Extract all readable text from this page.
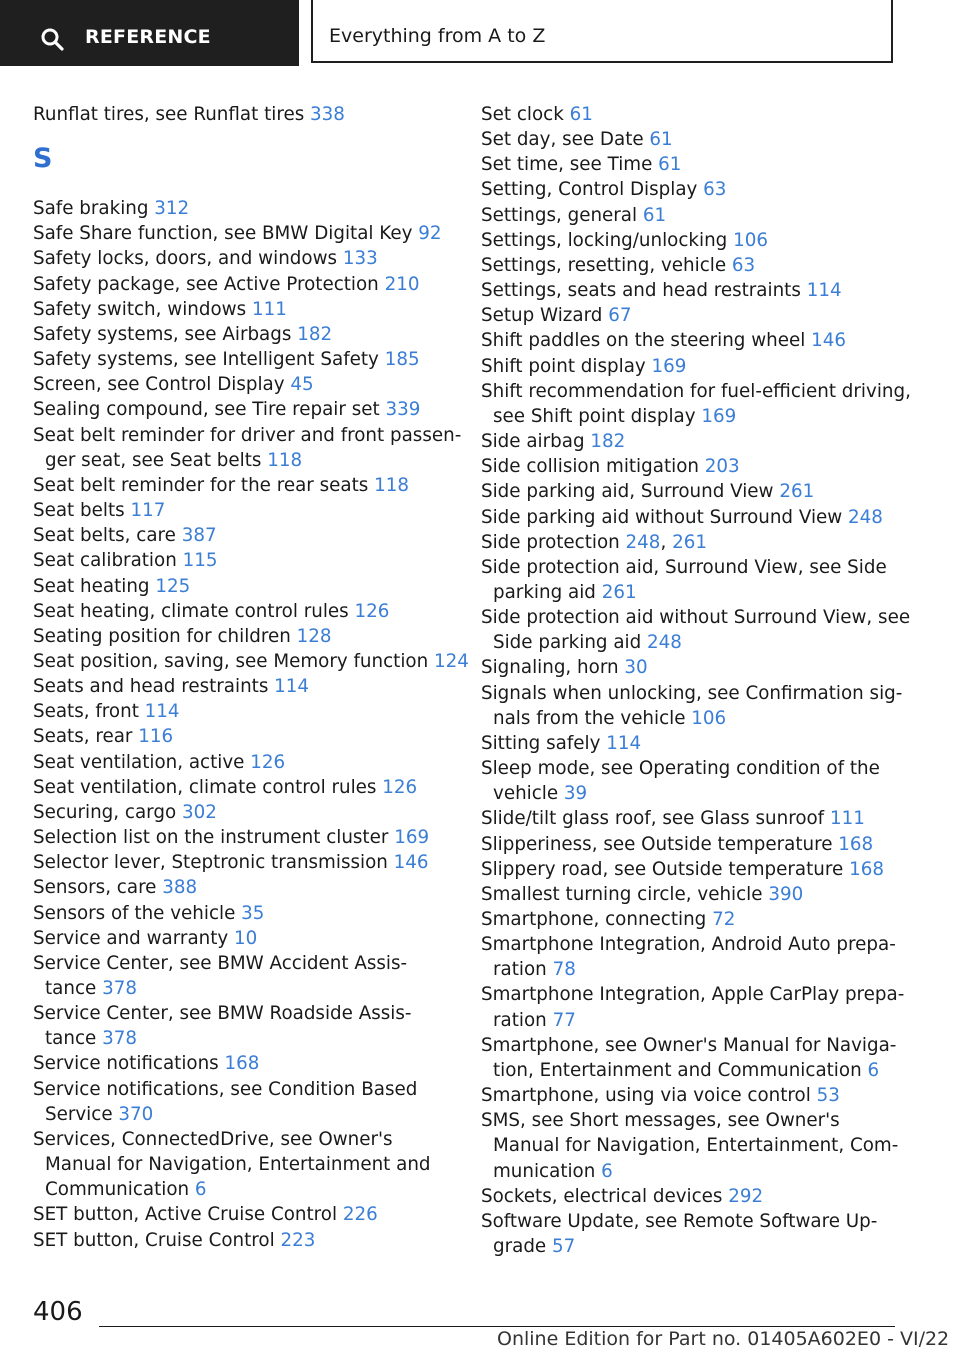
REFERENCE	Everything from A to Z
Runflat tires, see Runflat tires 338
S
Safe braking 312
Safe Share function, see BMW Digital Key 92
Safety locks, doors, and windows 133
Safety package, see Active Protection 210
Safety switch, windows 111
Safety systems, see Airbags 182
Safety systems, see Intelligent Safety 185
Screen, see Control Display 45
Sealing compound, see Tire repair set 339
Seat belt reminder for driver and front passen-
ger seat, see Seat belts 118
Seat belt reminder for the rear seats 118
Seat belts 117
Seat belts, care 387
Seat calibration 115
Seat heating 125
Seat heating, climate control rules 126
Seating position for children 128
Seat position, saving, see Memory function 124
Seats and head restraints 114
Seats, front 114
Seats, rear 116
Seat ventilation, active 126
Seat ventilation, climate control rules 126
Securing, cargo 302
Selection list on the instrument cluster 169
Selector lever, Steptronic transmission 146
Sensors, care 388
Sensors of the vehicle 35
Service and warranty 10
Service Center, see BMW Accident Assis-
tance 378
Service Center, see BMW Roadside Assis-
tance 378
Service notifications 168
Service notifications, see Condition Based
Service 370
Services, ConnectedDrive, see Owner's
Manual for Navigation, Entertainment and
Communication 6
SET button, Active Cruise Control 226
SET button, Cruise Control 223
Set clock 61
Set day, see Date 61
Set time, see Time 61
Setting, Control Display 63
Settings, general 61
Settings, locking/unlocking 106
Settings, resetting, vehicle 63
Settings, seats and head restraints 114
Setup Wizard 67
Shift paddles on the steering wheel 146
Shift point display 169
Shift recommendation for fuel-efficient driving,
see Shift point display 169
Side airbag 182
Side collision mitigation 203
Side parking aid, Surround View 261
Side parking aid without Surround View 248
Side protection 248, 261
Side protection aid, Surround View, see Side
parking aid 261
Side protection aid without Surround View, see
Side parking aid 248
Signaling, horn 30
Signals when unlocking, see Confirmation sig-
nals from the vehicle 106
Sitting safely 114
Sleep mode, see Operating condition of the
vehicle 39
Slide/tilt glass roof, see Glass sunroof 111
Slipperiness, see Outside temperature 168
Slippery road, see Outside temperature 168
Smallest turning circle, vehicle 390
Smartphone, connecting 72
Smartphone Integration, Android Auto prepa-
ration 78
Smartphone Integration, Apple CarPlay prepa-
ration 77
Smartphone, see Owner's Manual for Naviga-
tion, Entertainment and Communication 6
Smartphone, using via voice control 53
SMS, see Short messages, see Owner's
Manual for Navigation, Entertainment, Com-
munication 6
Sockets, electrical devices 292
Software Update, see Remote Software Up-
grade 57
406
Online Edition for Part no. 01405A602E0 - VI/22
